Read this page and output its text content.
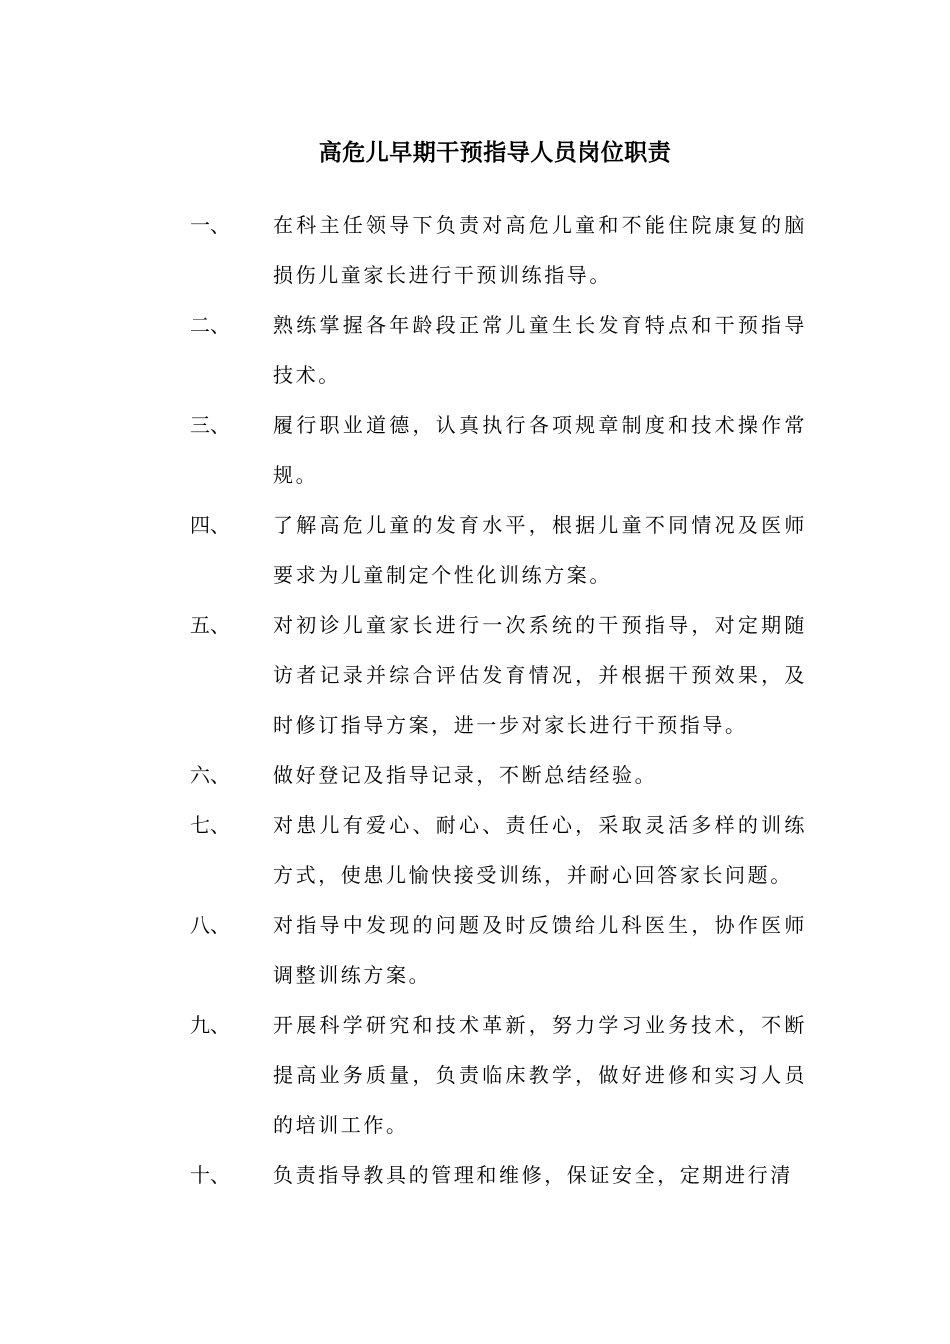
高危儿早期干预指导人员岗位职责
一、 在科主任领导下负责对高危儿童和不能住院康复的脑损伤儿童家长进行干预训练指导。
二、 熟练掌握各年龄段正常儿童生长发育特点和干预指导技术。
三、 履行职业道德，认真执行各项规章制度和技术操作常规。
四、 了解高危儿童的发育水平，根据儿童不同情况及医师要求为儿童制定个性化训练方案。
五、 对初诊儿童家长进行一次系统的干预指导，对定期随访者记录并综合评估发育情况，并根据干预效果，及时修订指导方案，进一步对家长进行干预指导。
六、 做好登记及指导记录，不断总结经验。
七、 对患儿有爱心、耐心、责任心，采取灵活多样的训练方式，使患儿愉快接受训练，并耐心回答家长问题。
八、 对指导中发现的问题及时反馈给儿科医生，协作医师调整训练方案。
九、 开展科学研究和技术革新，努力学习业务技术，不断提高业务质量，负责临床教学，做好进修和实习人员的培训工作。
十、 负责指导教具的管理和维修，保证安全，定期进行清
